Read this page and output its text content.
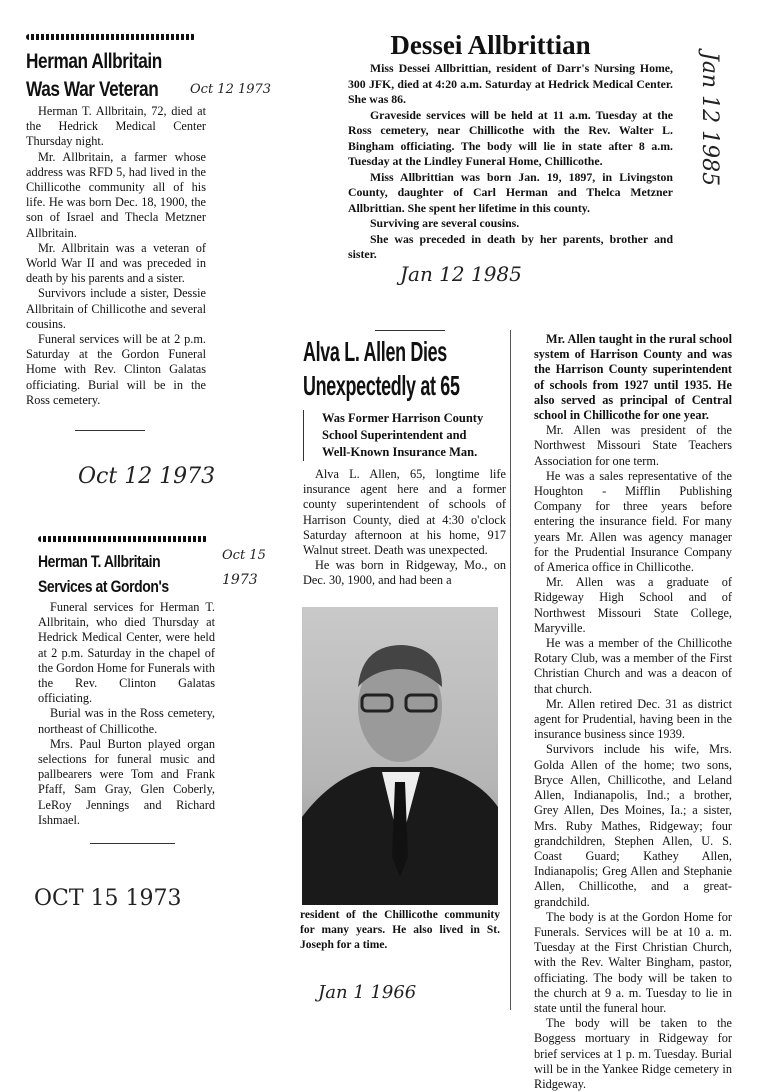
Herman Allbritain
Was War Veteran

Herman T. Allbritain, 72, died at the Hedrick Medical Center Thursday night.

Mr. Allbritain, a farmer whose address was RFD 5, had lived in the Chillicothe community all of his life. He was born Dec. 18, 1900, the son of Israel and Thecla Metzner Allbritain.

Mr. Allbritain was a veteran of World War II and was preceded in death by his parents and a sister.

Survivors include a sister, Dessie Allbritain of Chillicothe and several cousins.

Funeral services will be at 2 p.m. Saturday at the Gordon Funeral Home with Rev. Clinton Galatas officiating. Burial will be in the Ross cemetery.

Oct 12 1973
Oct 12 1973
Herman T. Allbritain
Services at Gordon's

Funeral services for Herman T. Allbritain, who died Thursday at Hedrick Medical Center, were held at 2 p.m. Saturday in the chapel of the Gordon Home for Funerals with the Rev. Clinton Galatas officiating.

Burial was in the Ross cemetery, northeast of Chillicothe.

Mrs. Paul Burton played organ selections for funeral music and pallbearers were Tom and Frank Pfaff, Sam Gray, Glen Coberly, LeRoy Jennings and Richard Ishmael.

Oct 15
1973
OCT 15 1973
Dessei Allbrittian

Miss Dessei Allbrittian, resident of Darr's Nursing Home, 300 JFK, died at 4:20 a.m. Saturday at Hedrick Medical Center. She was 86.

Graveside services will be held at 11 a.m. Tuesday at the Ross cemetery, near Chillicothe with the Rev. Walter L. Bingham officiating. The body will lie in state after 8 a.m. Tuesday at the Lindley Funeral Home, Chillicothe.

Miss Allbrittian was born Jan. 19, 1897, in Livingston County, daughter of Carl Herman and Thelca Metzner Allbrittian. She spent her lifetime in this county.

Surviving are several cousins.

She was preceded in death by her parents, brother and sister.

Jan 12 1985
Jan 12 1985
Alva L. Allen Dies
Unexpectedly at 65
Was Former Harrison County
School Superintendent and
Well-Known Insurance Man.

Alva L. Allen, 65, longtime life insurance agent here and a former county superintendent of schools of Harrison County, died at 4:30 o'clock Saturday afternoon at his home, 917 Walnut street. Death was unexpected.

He was born in Ridgeway, Mo., on Dec. 30, 1900, and had been a

resident of the Chillicothe community for many years. He also lived in St. Joseph for a time.

Mr. Allen taught in the rural school system of Harrison County and was the Harrison County superintendent of schools from 1927 until 1935. He also served as principal of Central school in Chillicothe for one year.

Mr. Allen was president of the Northwest Missouri State Teachers Association for one term.

He was a sales representative of the Houghton - Mifflin Publishing Company for three years before entering the insurance field. For many years Mr. Allen was agency manager for the Prudential Insurance Company of America office in Chillicothe.

Mr. Allen was a graduate of Ridgeway High School and of Northwest Missouri State College, Maryville.

He was a member of the Chillicothe Rotary Club, was a member of the First Christian Church and was a deacon of that church.

Mr. Allen retired Dec. 31 as district agent for Prudential, having been in the insurance business since 1939.

Survivors include his wife, Mrs. Golda Allen of the home; two sons, Bryce Allen, Chillicothe, and Leland Allen, Indianapolis, Ind.; a brother, Grey Allen, Des Moines, Ia.; a sister, Mrs. Ruby Mathes, Ridgeway; four grandchildren, Stephen Allen, U. S. Coast Guard; Kathey Allen, Indianapolis; Greg Allen and Stephanie Allen, Chillicothe, and a great-grandchild.

The body is at the Gordon Home for Funerals. Services will be at 10 a. m. Tuesday at the First Christian Church, with the Rev. Walter Bingham, pastor, officiating. The body will be taken to the church at 9 a. m. Tuesday to lie in state until the funeral hour.

The body will be taken to the Boggess mortuary in Ridgeway for brief services at 1 p. m. Tuesday. Burial will be in the Yankee Ridge cemetery in Ridgeway.

Jan 1 1966
